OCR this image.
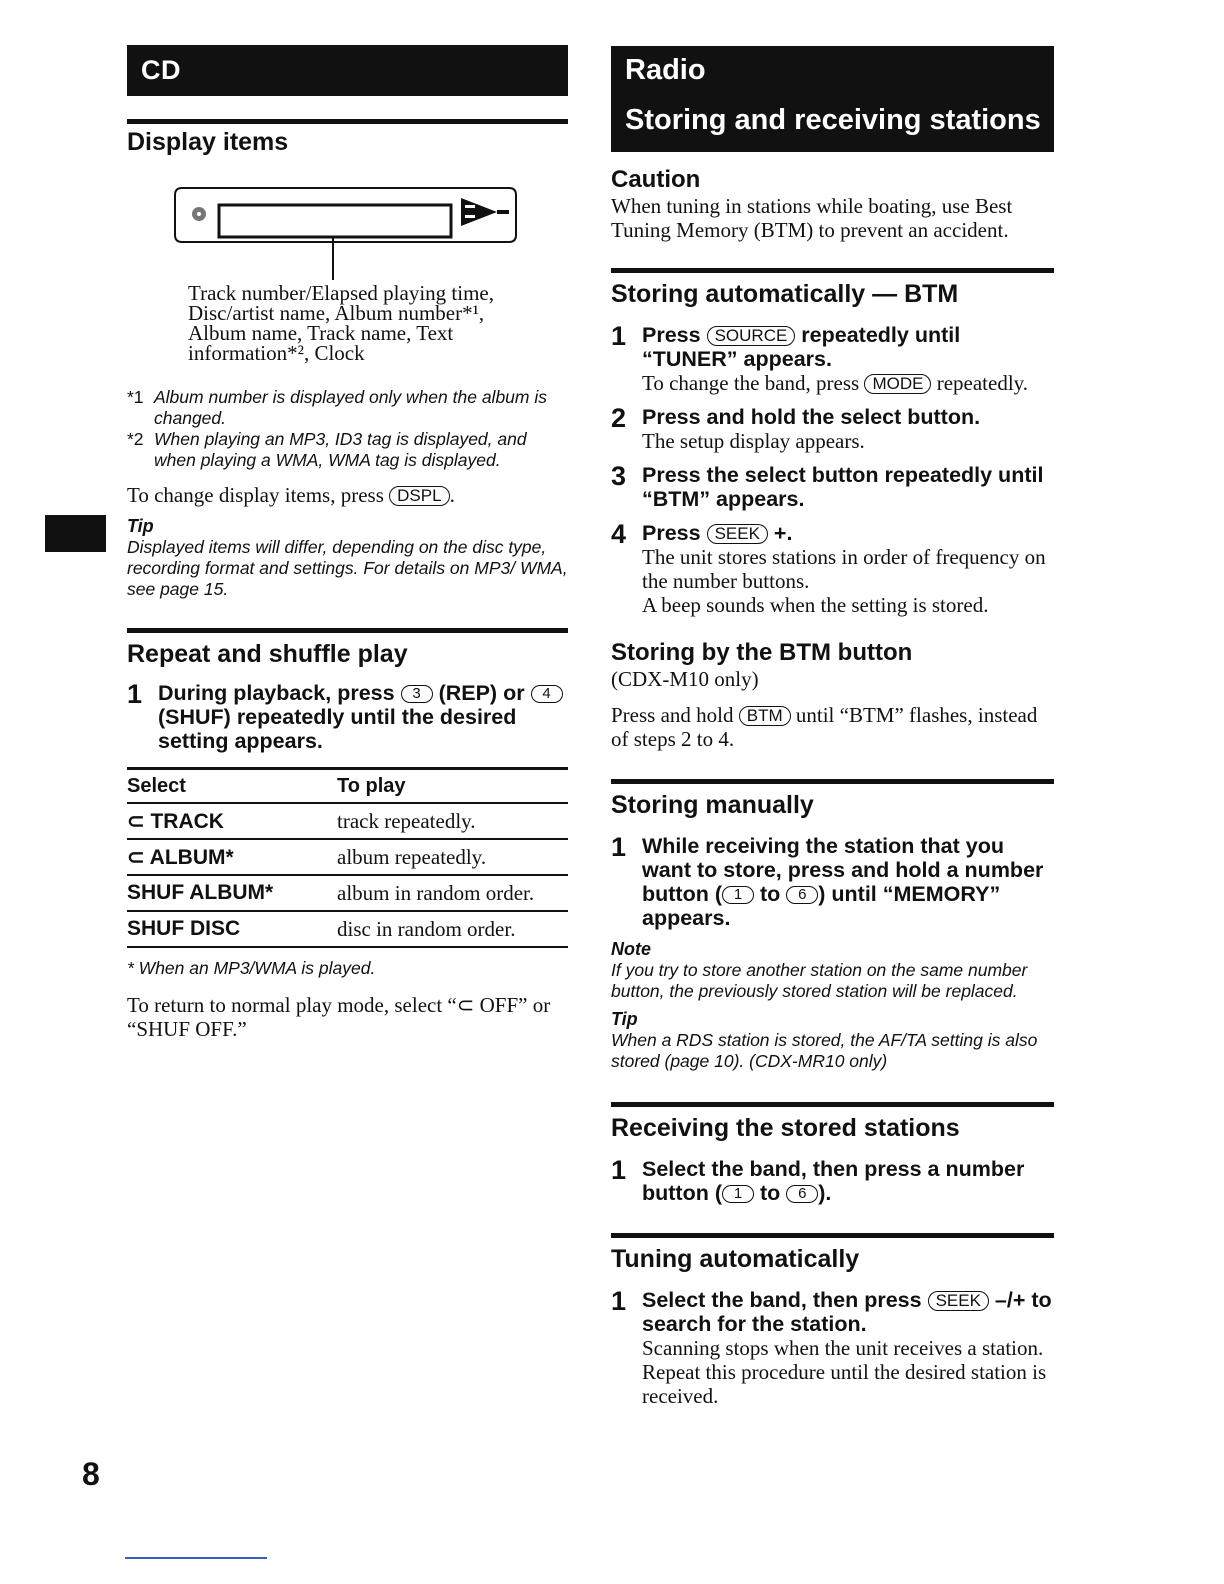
8
CD
Display items
Track number/Elapsed playing time,
Disc/artist name, Album number*¹,
Album name, Track name, Text
information*², Clock
*1 Album number is displayed only when the album is changed.
*2 When playing an MP3, ID3 tag is displayed, and when playing a WMA, WMA tag is displayed.
To change display items, press DSPL .
Tip
Displayed items will differ, depending on the disc type, recording format and settings. For details on MP3/ WMA, see page 15.
Repeat and shuffle play
1 During playback, press 3 (REP) or 4 (SHUF) repeatedly until the desired setting appears.
Select	To play
⊂ TRACK	track repeatedly.
⊂ ALBUM*	album repeatedly.
SHUF ALBUM*	album in random order.
SHUF DISC	disc in random order.
* When an MP3/WMA is played.
To return to normal play mode, select “⊂ OFF” or “SHUF OFF.”
Radio
Storing and receiving stations
Caution
When tuning in stations while boating, use Best Tuning Memory (BTM) to prevent an accident.
Storing automatically — BTM
1 Press SOURCE repeatedly until “TUNER” appears.
To change the band, press MODE repeatedly.
2 Press and hold the select button.
The setup display appears.
3 Press the select button repeatedly until “BTM” appears.
4 Press SEEK +.
The unit stores stations in order of frequency on the number buttons.
A beep sounds when the setting is stored.
Storing by the BTM button
(CDX-M10 only)
Press and hold BTM until “BTM” flashes, instead of steps 2 to 4.
Storing manually
1 While receiving the station that you want to store, press and hold a number button ( 1 to 6 ) until “MEMORY” appears.
Note
If you try to store another station on the same number button, the previously stored station will be replaced.
Tip
When a RDS station is stored, the AF/TA setting is also stored (page 10). (CDX-MR10 only)
Receiving the stored stations
1 Select the band, then press a number button ( 1 to 6 ).
Tuning automatically
1 Select the band, then press SEEK –/+ to search for the station.
Scanning stops when the unit receives a station. Repeat this procedure until the desired station is received.
